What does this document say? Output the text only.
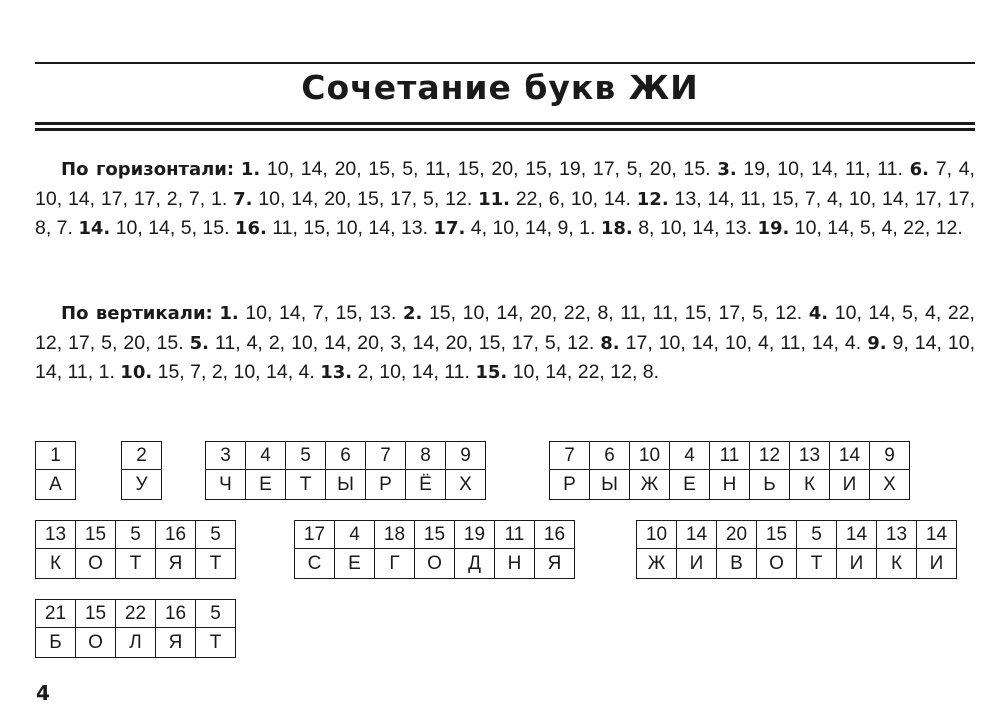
Сочетание букв ЖИ
По горизонтали: 1. 10, 14, 20, 15, 5, 11, 15, 20, 15, 19, 17, 5, 20, 15. 3. 19, 10, 14, 11, 11. 6. 7, 4, 10, 14, 17, 17, 2, 7, 1. 7. 10, 14, 20, 15, 17, 5, 12. 11. 22, 6, 10, 14. 12. 13, 14, 11, 15, 7, 4, 10, 14, 17, 17, 8, 7. 14. 10, 14, 5, 15. 16. 11, 15, 10, 14, 13. 17. 4, 10, 14, 9, 1. 18. 8, 10, 14, 13. 19. 10, 14, 5, 4, 22, 12.
По вертикали: 1. 10, 14, 7, 15, 13. 2. 15, 10, 14, 20, 22, 8, 11, 11, 15, 17, 5, 12. 4. 10, 14, 5, 4, 22, 12, 17, 5, 20, 15. 5. 11, 4, 2, 10, 14, 20, 3, 14, 20, 15, 17, 5, 12. 8. 17, 10, 14, 10, 4, 11, 14, 4. 9. 9, 14, 10, 14, 11, 1. 10. 15, 7, 2, 10, 14, 4. 13. 2, 10, 14, 11. 15. 10, 14, 22, 12, 8.
1
А
2
У
3	4	5	6	7	8	9
Ч	Е	Т	Ы	Р	Ё	Х
7	6	10	4	11	12	13	14	9
Р	Ы	Ж	Е	Н	Ь	К	И	Х
13	15	5	16	5
К	О	Т	Я	Т
17	4	18	15	19	11	16
С	Е	Г	О	Д	Н	Я
10	14	20	15	5	14	13	14
Ж	И	В	О	Т	И	К	И
21	15	22	16	5
Б	О	Л	Я	Т
4
